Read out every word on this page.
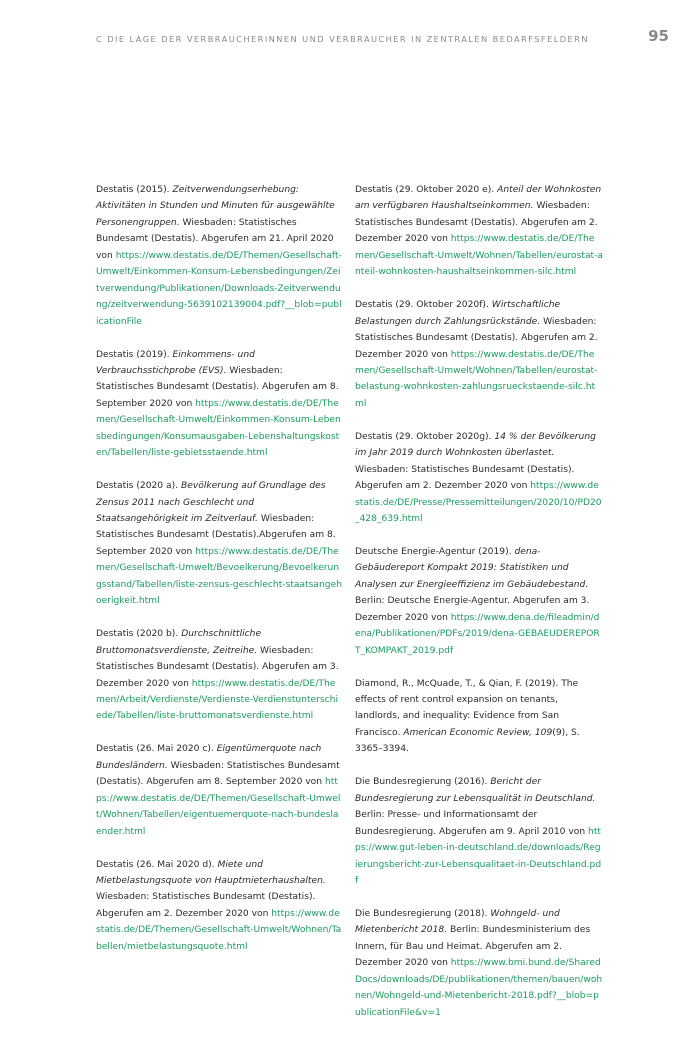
C DIE LAGE DER VERBRAUCHERINNEN UND VERBRAUCHER IN ZENTRALEN BEDARFSFELDERN	95

Destatis (2015). Zeitverwendungserhebung: Aktivitäten in Stunden und Minuten für ausgewählte Personengruppen. Wiesbaden: Statistisches Bundesamt (Destatis). Abgerufen am 21. April 2020 von https://www.destatis.de/DE/Themen/Gesellschaft-Umwelt/Einkommen-Konsum-Lebensbedingungen/Zeitverwendung/Publikationen/Downloads-Zeitverwendung/zeitverwendung-5639102139004.pdf?__blob=publicationFile

Destatis (2019). Einkommens- und Verbrauchsstichprobe (EVS). Wiesbaden: Statistisches Bundesamt (Destatis). Abgerufen am 8. September 2020 von https://www.destatis.de/DE/Themen/Gesellschaft-Umwelt/Einkommen-Konsum-Lebensbedingungen/Konsumausgaben-Lebenshaltungskosten/Tabellen/liste-gebietsstaende.html

Destatis (2020 a). Bevölkerung auf Grundlage des Zensus 2011 nach Geschlecht und Staatsangehörigkeit im Zeitverlauf. Wiesbaden: Statistisches Bundesamt (Destatis).Abgerufen am 8. September 2020 von https://www.destatis.de/DE/Themen/Gesellschaft-Umwelt/Bevoelkerung/Bevoelkerungsstand/Tabellen/liste-zensus-geschlecht-staatsangehoerigkeit.html

Destatis (2020 b). Durchschnittliche Bruttomonatsverdienste, Zeitreihe. Wiesbaden: Statistisches Bundesamt (Destatis). Abgerufen am 3. Dezember 2020 von https://www.destatis.de/DE/Themen/Arbeit/Verdienste/Verdienste-Verdienstunterschiede/Tabellen/liste-bruttomonatsverdienste.html

Destatis (26. Mai 2020 c). Eigentümerquote nach Bundesländern. Wiesbaden: Statistisches Bundesamt (Destatis). Abgerufen am 8. September 2020 von https://www.destatis.de/DE/Themen/Gesellschaft-Umwelt/Wohnen/Tabellen/eigentuemerquote-nach-bundeslaender.html

Destatis (26. Mai 2020 d). Miete und Mietbelastungsquote von Hauptmieterhaushalten. Wiesbaden: Statistisches Bundesamt (Destatis). Abgerufen am 2. Dezember 2020 von https://www.destatis.de/DE/Themen/Gesellschaft-Umwelt/Wohnen/Tabellen/mietbelastungsquote.html

Destatis (29. Oktober 2020 e). Anteil der Wohnkosten am verfügbaren Haushaltseinkommen. Wiesbaden: Statistisches Bundesamt (Destatis). Abgerufen am 2. Dezember 2020 von https://www.destatis.de/DE/Themen/Gesellschaft-Umwelt/Wohnen/Tabellen/eurostat-anteil-wohnkosten-haushaltseinkommen-silc.html

Destatis (29. Oktober 2020f). Wirtschaftliche Belastungen durch Zahlungsrückstände. Wiesbaden: Statistisches Bundesamt (Destatis). Abgerufen am 2. Dezember 2020 von https://www.destatis.de/DE/Themen/Gesellschaft-Umwelt/Wohnen/Tabellen/eurostat-belastung-wohnkosten-zahlungsrueckstaende-silc.html

Destatis (29. Oktober 2020g). 14 % der Bevölkerung im Jahr 2019 durch Wohnkosten überlastet. Wiesbaden: Statistisches Bundesamt (Destatis). Abgerufen am 2. Dezember 2020 von https://www.destatis.de/DE/Presse/Pressemitteilungen/2020/10/PD20_428_639.html

Deutsche Energie-Agentur (2019). dena-Gebäudereport Kompakt 2019: Statistiken und Analysen zur Energieeffizienz im Gebäudebestand. Berlin: Deutsche Energie-Agentur. Abgerufen am 3. Dezember 2020 von https://www.dena.de/fileadmin/dena/Publikationen/PDFs/2019/dena-GEBAEUDEREPORT_KOMPAKT_2019.pdf

Diamond, R., McQuade, T., & Qian, F. (2019). The effects of rent control expansion on tenants, landlords, and inequality: Evidence from San Francisco. American Economic Review, 109(9), S. 3365–3394.

Die Bundesregierung (2016). Bericht der Bundesregierung zur Lebensqualität in Deutschland. Berlin: Presse- und Informationsamt der Bundesregierung. Abgerufen am 9. April 2010 von https://www.gut-leben-in-deutschland.de/downloads/Regierungsbericht-zur-Lebensqualitaet-in-Deutschland.pdf

Die Bundesregierung (2018). Wohngeld- und Mietenbericht 2018. Berlin: Bundesministerium des Innern, für Bau und Heimat. Abgerufen am 2. Dezember 2020 von https://www.bmi.bund.de/SharedDocs/downloads/DE/publikationen/themen/bauen/wohnen/Wohngeld-und-Mietenbericht-2018.pdf?__blob=publicationFile&v=1
